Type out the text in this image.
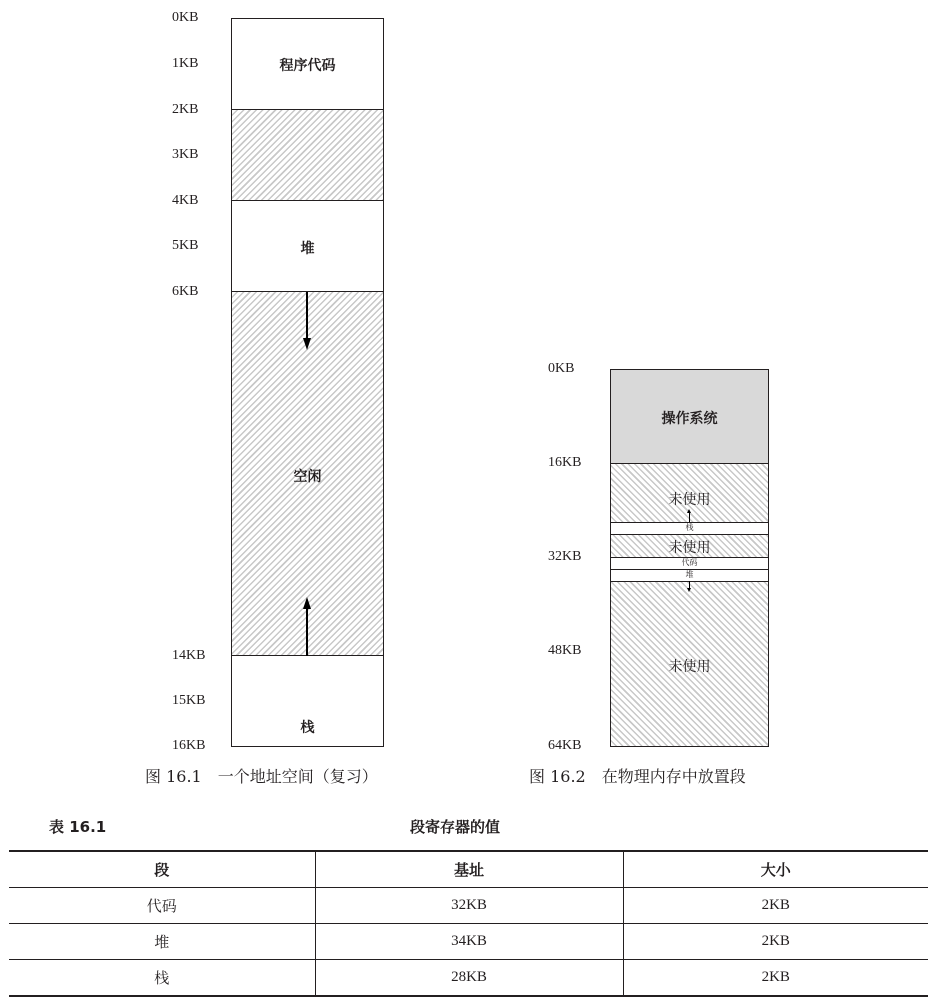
0KB
1KB
2KB
3KB
4KB
5KB
6KB
14KB
15KB
16KB
程序代码
堆
空闲
栈
图 16.1　一个地址空间（复习）
0KB
16KB
32KB
48KB
64KB
操作系统
未使用
栈
未使用
代码
堆
未使用
图 16.2　在物理内存中放置段
表 16.1	段寄存器的值
段	基址	大小
代码	32KB	2KB
堆	34KB	2KB
栈	28KB	2KB
